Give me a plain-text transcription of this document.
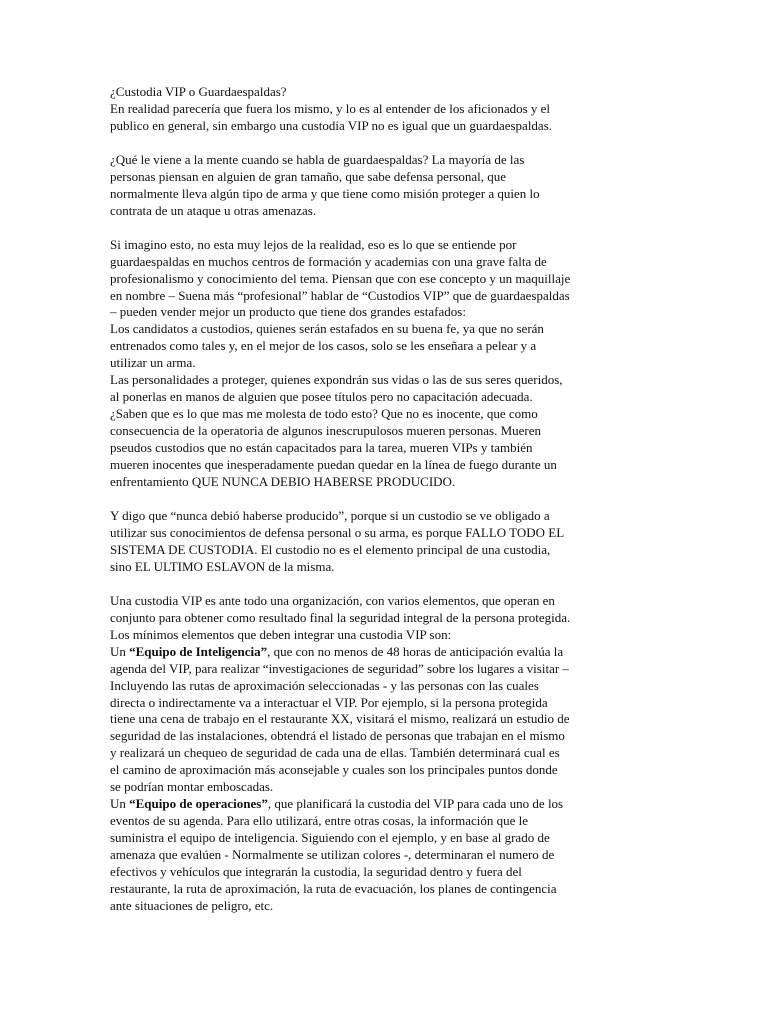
¿Custodia VIP o Guardaespaldas?

En realidad parecería que fuera los mismo, y lo es al entender de los aficionados y el
publico en general, sin embargo una custodia VIP no es igual que un guardaespaldas.

¿Qué le viene a la mente cuando se habla de guardaespaldas? La mayoría de las
personas piensan en alguien de gran tamaño, que sabe defensa personal, que
normalmente lleva algún tipo de arma y que tiene como misión proteger a quien lo
contrata de un ataque u otras amenazas.

Si imagino esto, no esta muy lejos de la realidad, eso es lo que se entiende por
guardaespaldas en muchos centros de formación y academias con una grave falta de
profesionalismo y conocimiento del tema. Piensan que con ese concepto y un maquillaje
en nombre – Suena más “profesional” hablar de “Custodios VIP” que de guardaespaldas
– pueden vender mejor un producto que tiene dos grandes estafados:

Los candidatos a custodios, quienes serán estafados en su buena fe, ya que no serán
entrenados como tales y, en el mejor de los casos, solo se les enseñara a pelear y a
utilizar un arma.

Las personalidades a proteger, quienes expondrán sus vidas o las de sus seres queridos,
al ponerlas en manos de alguien que posee títulos pero no capacitación adecuada.

¿Saben que es lo que mas me molesta de todo esto? Que no es inocente, que como
consecuencia de la operatoria de algunos inescrupulosos mueren personas. Mueren
pseudos custodios que no están capacitados para la tarea, mueren VIPs y también
mueren inocentes que inesperadamente puedan quedar en la línea de fuego durante un
enfrentamiento QUE NUNCA DEBIO HABERSE PRODUCIDO.

Y digo que “nunca debió haberse producido”, porque si un custodio se ve obligado a
utilizar sus conocimientos de defensa personal o su arma, es porque FALLO TODO EL
SISTEMA DE CUSTODIA. El custodio no es el elemento principal de una custodia,
sino EL ULTIMO ESLAVON de la misma.

Una custodia VIP es ante todo una organización, con varios elementos, que operan en
conjunto para obtener como resultado final la seguridad integral de la persona protegida.

Los mínimos elementos que deben integrar una custodia VIP son:

Un “Equipo de Inteligencia”, que con no menos de 48 horas de anticipación evalúa la
agenda del VIP, para realizar “investigaciones de seguridad” sobre los lugares a visitar –
Incluyendo las rutas de aproximación seleccionadas - y las personas con las cuales
directa o indirectamente va a interactuar el VIP. Por ejemplo, si la persona protegida
tiene una cena de trabajo en el restaurante XX, visitará el mismo, realizará un estudio de
seguridad de las instalaciones, obtendrá el listado de personas que trabajan en el mismo
y realizará un chequeo de seguridad de cada una de ellas. También determinará cual es
el camino de aproximación más aconsejable y cuales son los principales puntos donde
se podrían montar emboscadas.

Un “Equipo de operaciones”, que planificará la custodia del VIP para cada uno de los
eventos de su agenda. Para ello utilizará, entre otras cosas, la información que le
suministra el equipo de inteligencia. Siguiendo con el ejemplo, y en base al grado de
amenaza que evalúen - Normalmente se utilizan colores -, determinaran el numero de
efectivos y vehículos que integrarán la custodia, la seguridad dentro y fuera del
restaurante, la ruta de aproximación, la ruta de evacuación, los planes de contingencia
ante situaciones de peligro, etc.
